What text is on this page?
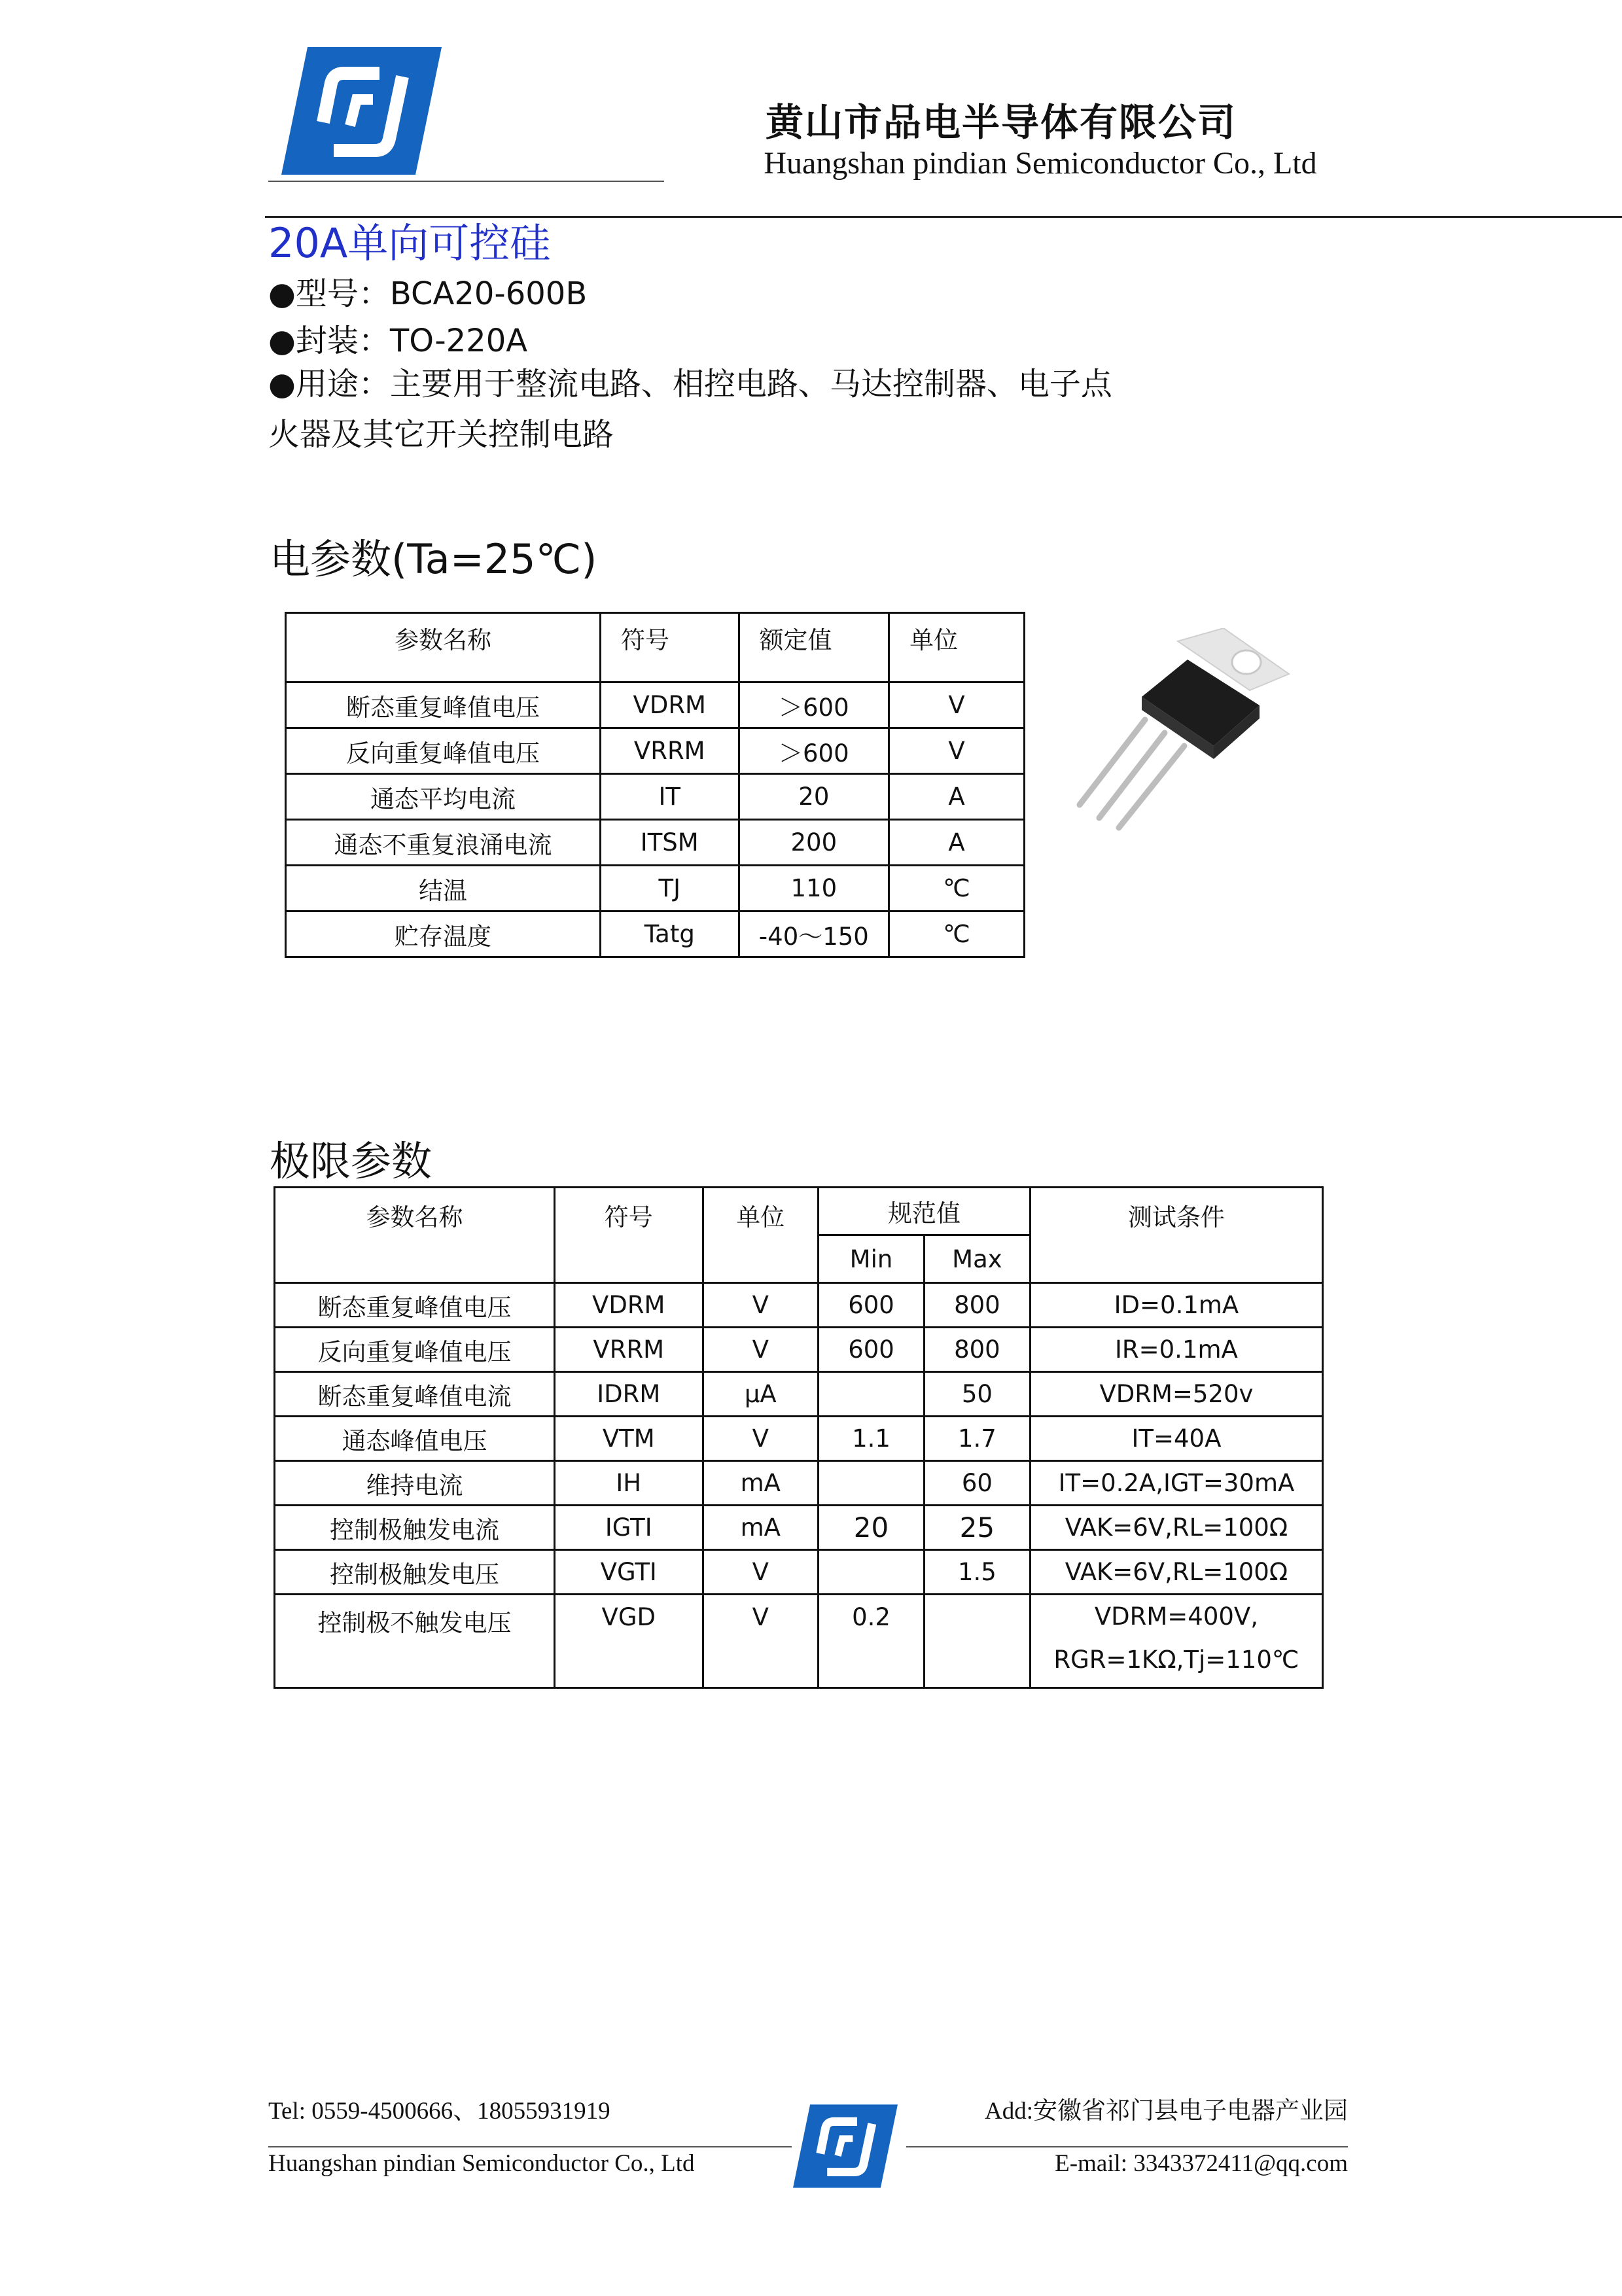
黄山市品电半导体有限公司
Huangshan pindian Semiconductor Co., Ltd
20A单向可控硅
●型号：BCA20-600B
●封装：TO-220A
●用途：主要用于整流电路、相控电路、马达控制器、电子点
火器及其它开关控制电路
电参数(Ta=25℃)
参数名称	符号	额定值	单位
断态重复峰值电压	VDRM	＞600	V
反向重复峰值电压	VRRM	＞600	V
通态平均电流	IT	20	A
通态不重复浪涌电流	ITSM	200	A
结温	TJ	110	℃
贮存温度	Tatg	-40～150	℃
极限参数
参数名称	符号	单位	规范值		测试条件
			Min	Max	
断态重复峰值电压	VDRM	V	600	800	ID=0.1mA
反向重复峰值电压	VRRM	V	600	800	IR=0.1mA
断态重复峰值电流	IDRM	μA		50	VDRM=520v
通态峰值电压	VTM	V	1.1	1.7	IT=40A
维持电流	IH	mA		60	IT=0.2A,IGT=30mA
控制极触发电流	IGTI	mA	20	25	VAK=6V,RL=100Ω
控制极触发电压	VGTI	V		1.5	VAK=6V,RL=100Ω
控制极不触发电压	VGD	V	0.2		VDRM=400V,
RGR=1KΩ,Tj=110℃
Tel: 0559-4500666、18055931919	Add:安徽省祁门县电子电器产业园
Huangshan pindian Semiconductor Co., Ltd	E-mail: 3343372411@qq.com
